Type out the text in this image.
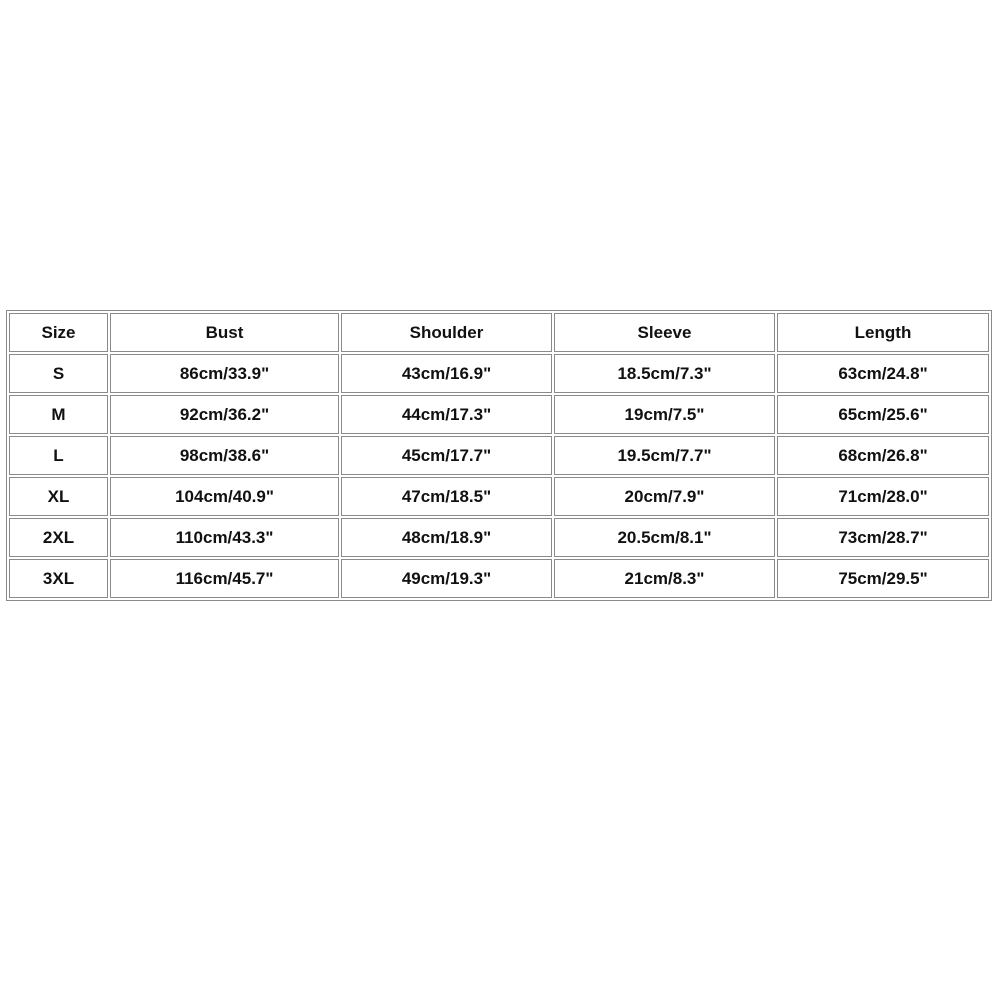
Size	Bust	Shoulder	Sleeve	Length
S	86cm/33.9"	43cm/16.9"	18.5cm/7.3"	63cm/24.8"
M	92cm/36.2"	44cm/17.3"	19cm/7.5"	65cm/25.6"
L	98cm/38.6"	45cm/17.7"	19.5cm/7.7"	68cm/26.8"
XL	104cm/40.9"	47cm/18.5"	20cm/7.9"	71cm/28.0"
2XL	110cm/43.3"	48cm/18.9"	20.5cm/8.1"	73cm/28.7"
3XL	116cm/45.7"	49cm/19.3"	21cm/8.3"	75cm/29.5"
